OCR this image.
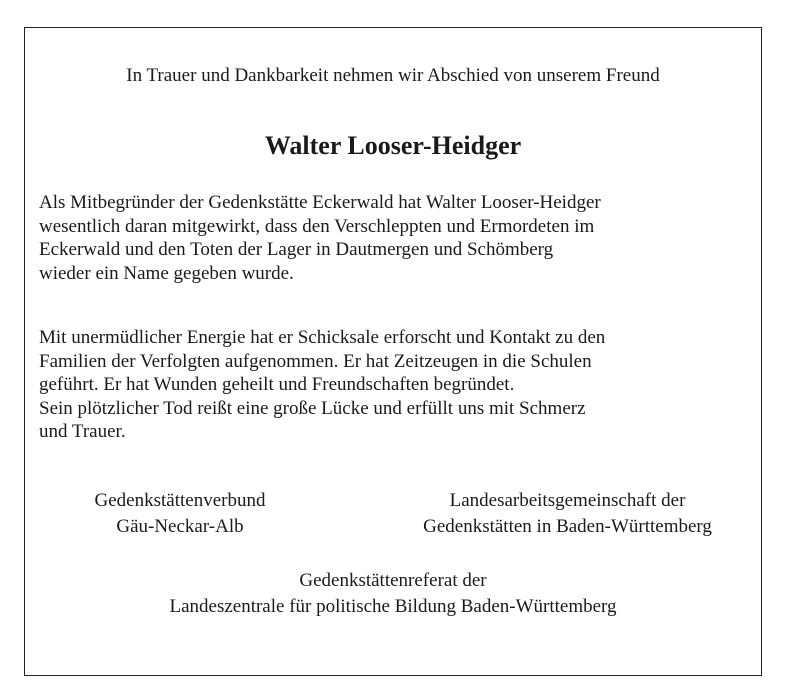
In Trauer und Dankbarkeit nehmen wir Abschied von unserem Freund
Walter Looser-Heidger

Als Mitbegründer der Gedenkstätte Eckerwald hat Walter Looser-Heidger
wesentlich daran mitgewirkt, dass den Verschleppten und Ermordeten im
Eckerwald und den Toten der Lager in Dautmergen und Schömberg
wieder ein Name gegeben wurde.

Mit unermüdlicher Energie hat er Schicksale erforscht und Kontakt zu den
Familien der Verfolgten aufgenommen. Er hat Zeitzeugen in die Schulen
geführt. Er hat Wunden geheilt und Freundschaften begründet.
Sein plötzlicher Tod reißt eine große Lücke und erfüllt uns mit Schmerz
und Trauer.

Gedenkstättenverbund
Gäu-Neckar-Alb
Landesarbeitsgemeinschaft der
Gedenkstätten in Baden-Württemberg
Gedenkstättenreferat der
Landeszentrale für politische Bildung Baden-Württemberg
